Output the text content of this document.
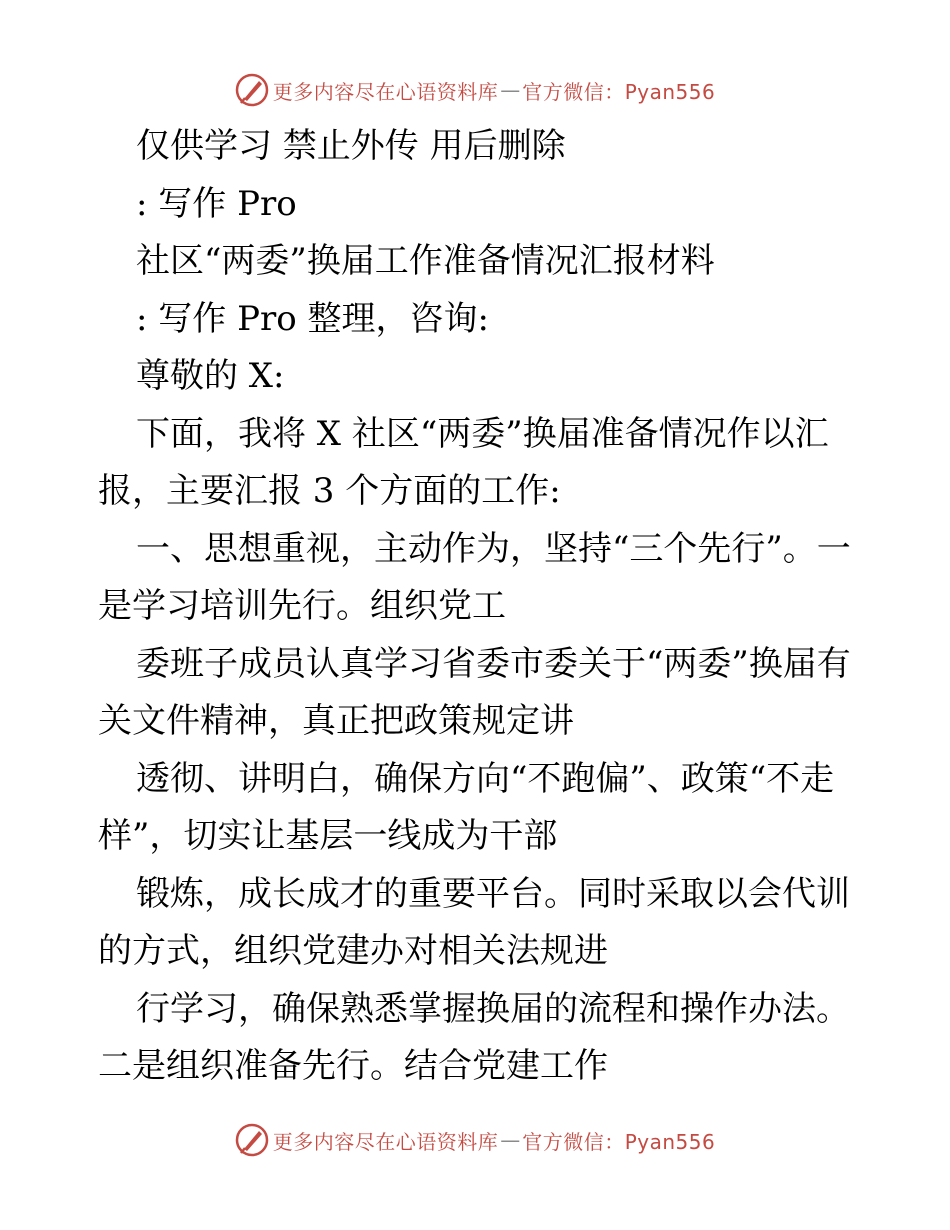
更多内容尽在心语资料库 — 官方微信：Pyan556

仅供学习 禁止外传 用后删除

: 写作 Pro

社区“两委”换届工作准备情况汇报材料

: 写作 Pro 整理，咨询:

尊敬的 X:

下面，我将 X 社区“两委”换届准备情况作以汇报，主要汇报 3 个方面的工作:

一、思想重视，主动作为，坚持“三个先行”。一是学习培训先行。组织党工

委班子成员认真学习省委市委关于“两委”换届有关文件精神，真正把政策规定讲

透彻、讲明白，确保方向“不跑偏”、政策“不走样”，切实让基层一线成为干部

锻炼，成长成才的重要平台。同时采取以会代训的方式，组织党建办对相关法规进

行学习，确保熟悉掌握换届的流程和操作办法。二是组织准备先行。结合党建工作

更多内容尽在心语资料库 — 官方微信：Pyan556
